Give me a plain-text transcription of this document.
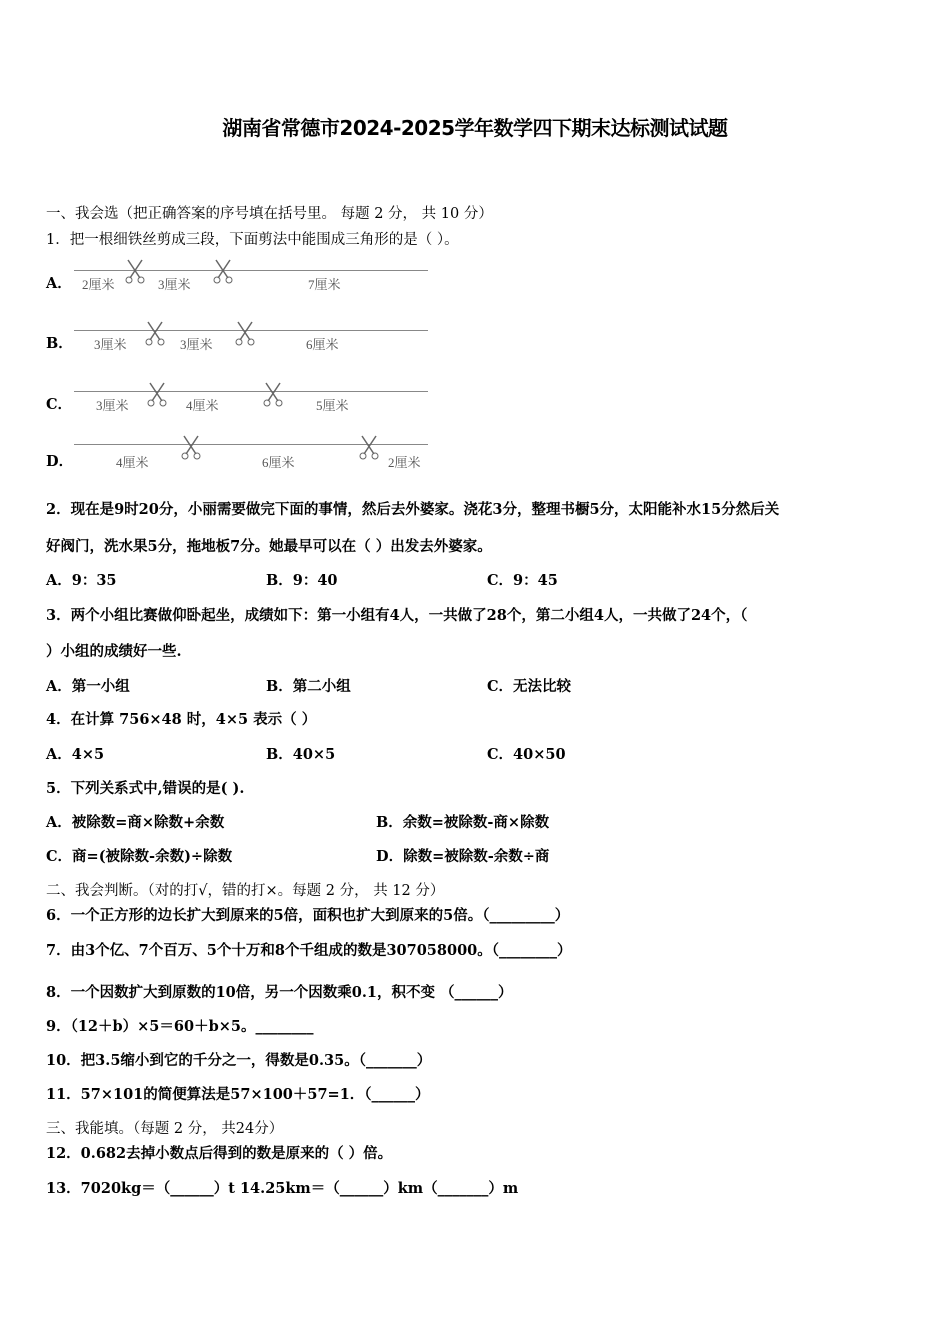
湖南省常德市2024-2025学年数学四下期末达标测试试题
一、我会选（把正确答案的序号填在括号里。 每题 2 分， 共 10 分）
1．把一根细铁丝剪成三段，下面剪法中能围成三角形的是（ ）。
A． 2厘米	3厘米	7厘米
B． 3厘米	3厘米	6厘米
C． 3厘米	4厘米	5厘米
D．	4厘米	6厘米	2厘米
2．现在是9时20分，小丽需要做完下面的事情，然后去外婆家。浇花3分，整理书橱5分，太阳能补水15分然后关
好阀门，洗水果5分，拖地板7分。她最早可以在（ ）出发去外婆家。
A．9：35	B．9：40	C．9：45
3．两个小组比赛做仰卧起坐，成绩如下：第一小组有4人，一共做了28个，第二小组4人，一共做了24个，（
）小组的成绩好一些.
A．第一小组	B．第二小组	C．无法比较
4．在计算 756×48 时，4×5 表示（ ）
A．4×5	B．40×5	C．40×50
5．下列关系式中,错误的是( ).
A．被除数=商×除数+余数	B．余数=被除数-商×除数
C．商=(被除数-余数)÷除数	D．除数=被除数-余数÷商
二、我会判断。（对的打√，错的打×。每题 2 分， 共 12 分）
6．一个正方形的边长扩大到原来的5倍，面积也扩大到原来的5倍。（_________）
7．由3个亿、7个百万、5个十万和8个千组成的数是307058000。（________）
8．一个因数扩大到原数的10倍，另一个因数乘0.1，积不变 （______）
9．（12＋b）×5＝60＋b×5。________
10．把3.5缩小到它的千分之一，得数是0.35。（_______）
11．57×101的简便算法是57×100＋57=1．（______）
三、我能填。（每题 2 分， 共24分）
12．0.682去掉小数点后得到的数是原来的（ ）倍。
13．7020kg＝（______）t 14.25km＝（______）km（_______）m
